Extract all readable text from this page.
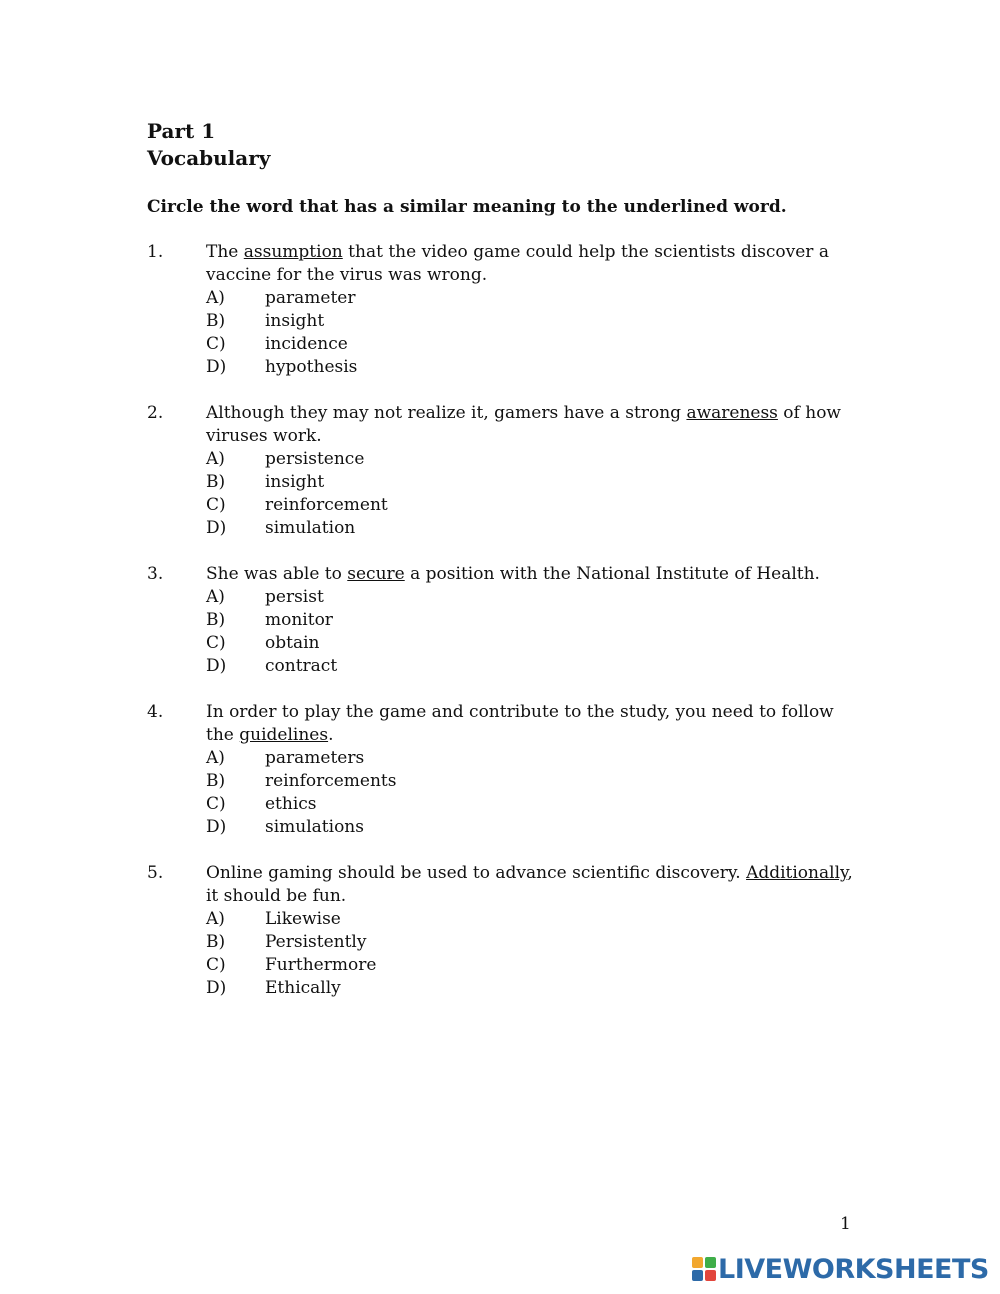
Part 1
Vocabulary
Circle the word that has a similar meaning to the underlined word.
1.	The assumption that the video game could help the scientists discover a vaccine for the virus was wrong.
A) parameter
B) insight
C) incidence
D) hypothesis
2.	Although they may not realize it, gamers have a strong awareness of how viruses work.
A) persistence
B) insight
C) reinforcement
D) simulation
3.	She was able to secure a position with the National Institute of Health.
A) persist
B) monitor
C) obtain
D) contract
4.	In order to play the game and contribute to the study, you need to follow the guidelines.
A) parameters
B) reinforcements
C) ethics
D) simulations
5.	Online gaming should be used to advance scientific discovery. Additionally, it should be fun.
A) Likewise
B) Persistently
C) Furthermore
D) Ethically
1
LIVEWORKSHEETS
